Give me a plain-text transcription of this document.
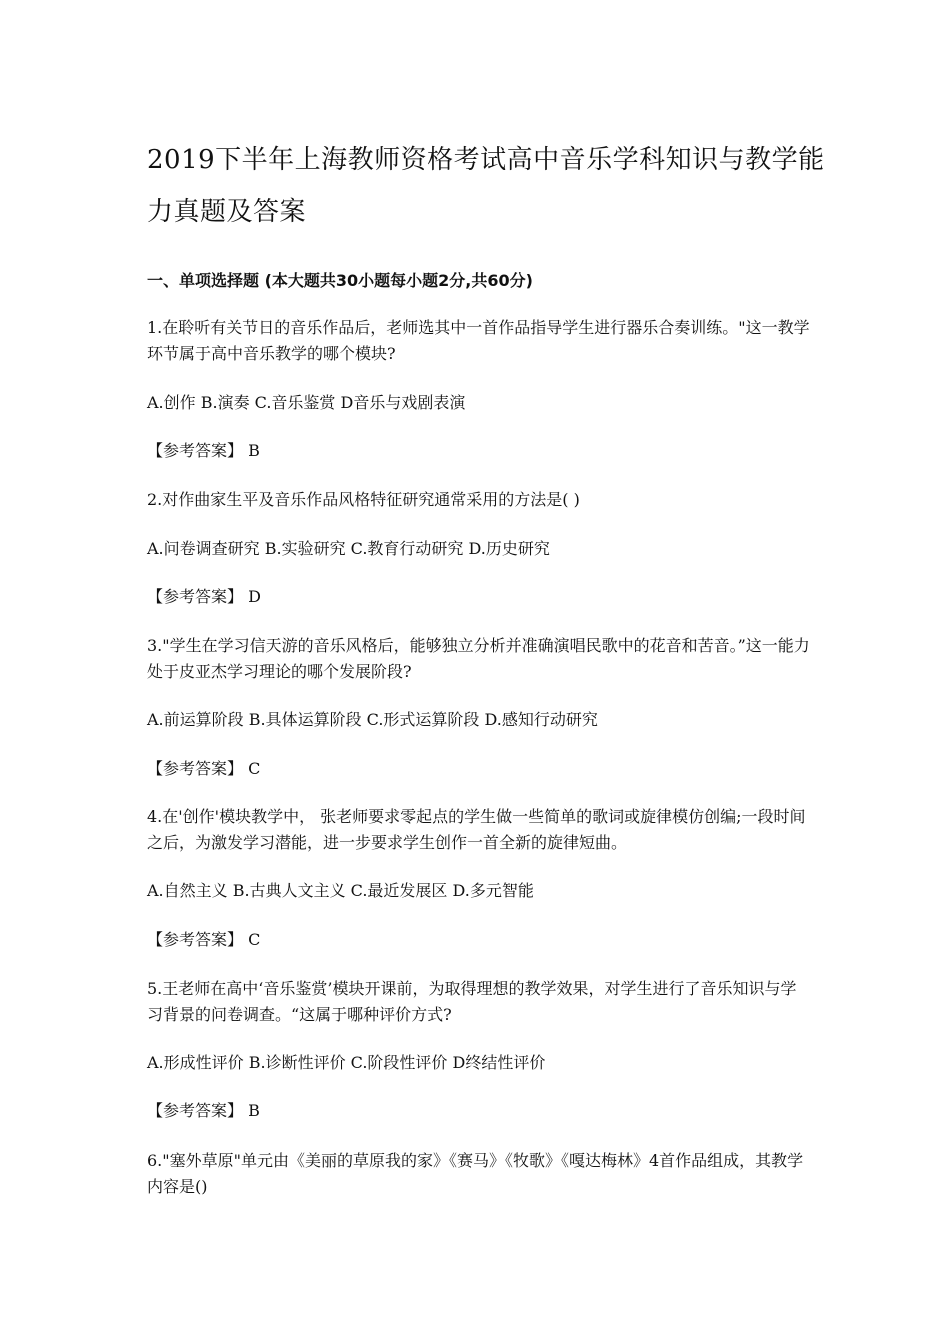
2019下半年上海教师资格考试高中音乐学科知识与教学能
力真题及答案
一、单项选择题 (本大题共30小题每小题2分,共60分)
1.在聆听有关节日的音乐作品后，老师选其中一首作品指导学生进行器乐合奏训练。"这一教学环节属于高中音乐教学的哪个模块?
A.创作 B.演奏 C.音乐鉴赏 D音乐与戏剧表演
【参考答案】 B
2.对作曲家生平及音乐作品风格特征研究通常采用的方法是( )
A.问卷调查研究 B.实验研究 C.教育行动研究 D.历史研究
【参考答案】 D
3."学生在学习信天游的音乐风格后，能够独立分析并准确演唱民歌中的花音和苦音。”这一能力处于皮亚杰学习理论的哪个发展阶段?
A.前运算阶段 B.具体运算阶段 C.形式运算阶段 D.感知行动研究
【参考答案】 C
4.在'创作'模块教学中， 张老师要求零起点的学生做一些简单的歌词或旋律模仿创编;一段时间之后，为激发学习潜能，进一步要求学生创作一首全新的旋律短曲。
A.自然主义 B.古典人文主义 C.最近发展区 D.多元智能
【参考答案】 C
5.王老师在高中‘音乐鉴赏’模块开课前，为取得理想的教学效果，对学生进行了音乐知识与学习背景的问卷调查。“这属于哪种评价方式?
A.形成性评价 B.诊断性评价 C.阶段性评价 D终结性评价
【参考答案】 B
6."塞外草原"单元由《美丽的草原我的家》《赛马》《牧歌》《嘎达梅林》4首作品组成，其教学内容是()
